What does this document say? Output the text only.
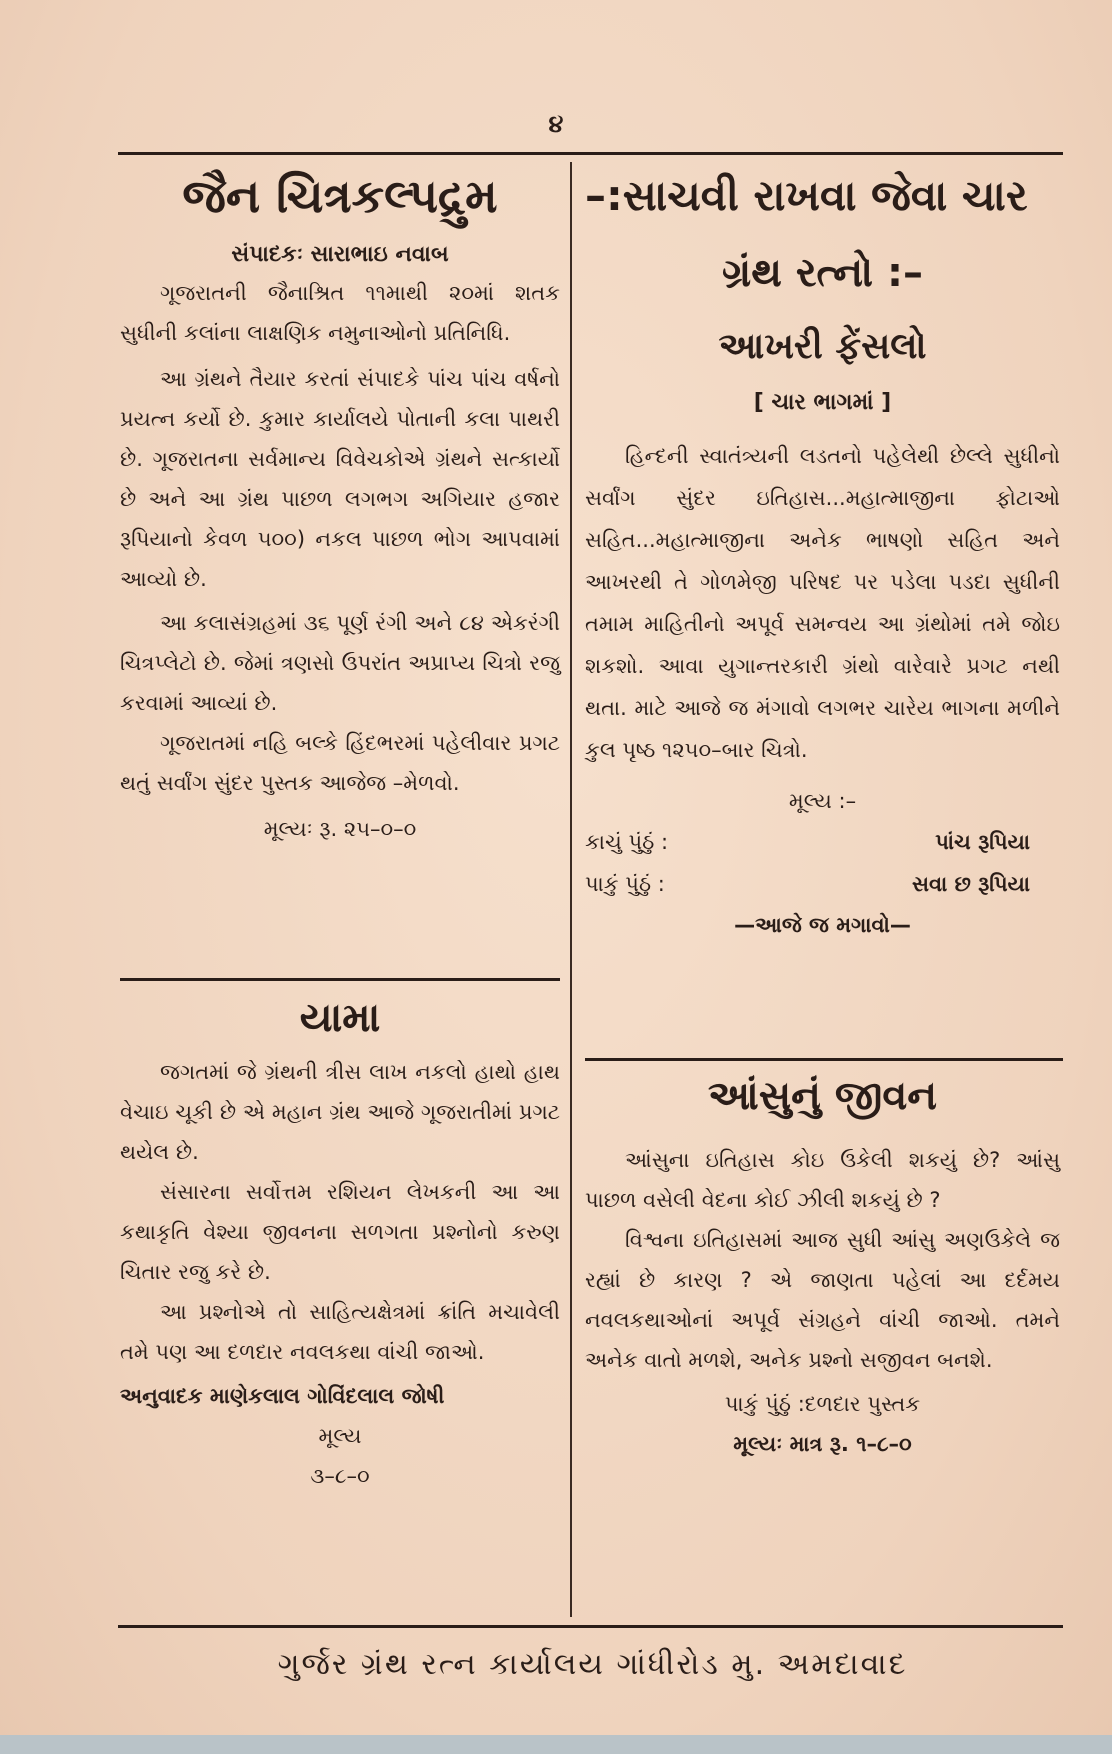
૪
જૈન ચિત્રકલ્પદ્રુમ
સંપાદકઃ સારાભાઇ નવાબ

ગૂજરાતની જૈનાશ્રિત ૧૧માથી ૨૦માં શતક સુધીની કલાંના લાક્ષણિક નમુનાઓનો પ્રતિનિધિ.

આ ગ્રંથને તૈયાર કરતાં સંપાદકે પાંચ પાંચ વર્ષનો પ્રયત્ન કર્યો છે. કુમાર કાર્યાલયે પોતાની કલા પાથરી છે. ગૂજરાતના સર્વમાન્ય વિવેચકોએ ગ્રંથને સત્કાર્યો છે અને આ ગ્રંથ પાછળ લગભગ અગિયાર હજાર રૂપિયાનો કેવળ ૫૦૦) નકલ પાછળ ભોગ આપવામાં આવ્યો છે.

આ કલાસંગ્રહમાં ૩૬ પૂર્ણ રંગી અને ૮૪ એકરંગી ચિત્રપ્લેટો છે. જેમાં ત્રણસો ઉપરાંત અપ્રાપ્ય ચિત્રો રજુ કરવામાં આવ્યાં છે.

ગૂજરાતમાં નહિ બલ્કે હિંદભરમાં પહેલીવાર પ્રગટ થતું સર્વાંગ સુંદર પુસ્તક આજેજ –મેળવો.

મૂલ્યઃ રૂ. ૨૫–૦–૦
યામા

જગતમાં જે ગ્રંથની ત્રીસ લાખ નકલો હાથો હાથ વેચાઇ ચૂકી છે એ મહાન ગ્રંથ આજે ગૂજરાતીમાં પ્રગટ થયેલ છે.

સંસારના સર્વોત્તમ રશિયન લેખકની આ આ કથાકૃતિ વેશ્યા જીવનના સળગતા પ્રશ્નોનો કરુણ ચિતાર રજુ કરે છે.

આ પ્રશ્નોએ તો સાહિત્યક્ષેત્રમાં ક્રાંતિ મચાવેલી તમે પણ આ દળદાર નવલકથા વાંચી જાઓ.

અનુવાદક માણેકલાલ ગોવિંદલાલ જોષી

મૂલ્ય
૩–૮–૦
–:સાચવી રાખવા જેવા ચાર
ગ્રંથ રત્નો :–
આખરી ફેંસલો
[ ચાર ભાગમાં ]

હિન્દની સ્વાતંત્ર્યની લડતનો પહેલેથી છેલ્લે સુધીનો સર્વાંગ સુંદર ઇતિહાસ...મહાત્માજીના ફોટાઓ સહિત...મહાત્માજીના અનેક ભાષણો સહિત અને આખરથી તે ગોળમેજી પરિષદ પર પડેલા પડદા સુધીની તમામ માહિતીનો અપૂર્વ સમન્વય આ ગ્રંથોમાં તમે જોઇ શકશો. આવા યુગાન્તરકારી ગ્રંથો વારેવારે પ્રગટ નથી થતા. માટે આજે જ મંગાવો લગભર ચારેય ભાગના મળીને કુલ પૃષ્ઠ ૧૨૫૦–બાર ચિત્રો.

મૂલ્ય :–
કાચું પુંઠું :	પાંચ રૂપિયા
પાકું પુંઠું :	સવા છ રૂપિયા
—આજે જ મગાવો—
આંસુનું જીવન

આંસુના ઇતિહાસ કોઇ ઉકેલી શકયું છે? આંસુ પાછળ વસેલી વેદના કોઈ ઝીલી શકયું છે ?

વિશ્વના ઇતિહાસમાં આજ સુધી આંસુ અણઉકેલે જ રહ્યાં છે કારણ ? એ જાણતા પહેલાં આ દર્દમય નવલકથાઓનાં અપૂર્વ સંગ્રહને વાંચી જાઓ. તમને અનેક વાતો મળશે, અનેક પ્રશ્નો સજીવન બનશે.

પાકું પુંઠું :દળદાર પુસ્તક
મૂલ્યઃ માત્ર રૂ. ૧–૮–૦
ગુર્જર ગ્રંથ રત્ન કાર્યાલય ગાંધીરોડ મુ. અમદાવાદ
